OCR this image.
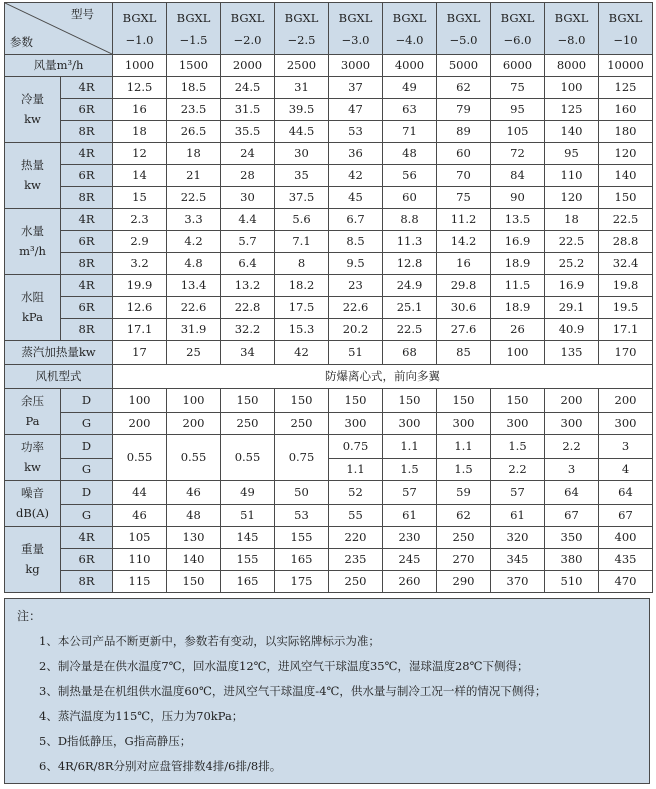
型号
参数		BGXL −1.0	BGXL −1.5	BGXL −2.0	BGXL −2.5	BGXL −3.0	BGXL −4.0	BGXL −5.0	BGXL −6.0	BGXL −8.0	BGXL −10

风量m³/h		1000	1500	2000	2500	3000	4000	5000	6000	8000	10000

冷量
kw	4R	12.5	18.5	24.5	31	37	49	62	75	100	125
	6R	16	23.5	31.5	39.5	47	63	79	95	125	160
	8R	18	26.5	35.5	44.5	53	71	89	105	140	180

热量
kw	4R	12	18	24	30	36	48	60	72	95	120
	6R	14	21	28	35	42	56	70	84	110	140
	8R	15	22.5	30	37.5	45	60	75	90	120	150

水量
m³/h	4R	2.3	3.3	4.4	5.6	6.7	8.8	11.2	13.5	18	22.5
	6R	2.9	4.2	5.7	7.1	8.5	11.3	14.2	16.9	22.5	28.8
	8R	3.2	4.8	6.4	8	9.5	12.8	16	18.9	25.2	32.4

水阻
kPa	4R	19.9	13.4	13.2	18.2	23	24.9	29.8	11.5	16.9	19.8
	6R	12.6	22.6	22.8	17.5	22.6	25.1	30.6	18.9	29.1	19.5
	8R	17.1	31.9	32.2	15.3	20.2	22.5	27.6	26	40.9	17.1
蒸汽加热量kw		17	25	34	42	51	68	85	100	135	170
风机型式		防爆离心式，前向多翼									

余压
Pa	D	100	100	150	150	150	150	150	150	200	200
	G	200	200	250	250	300	300	300	300	300	300

功率
kw	D	0.55	0.55	0.55	0.75	0.75	1.1	1.1	1.5	2.2	3
	G					1.1	1.5	1.5	2.2	3	4

噪音
dB(A)	D	44	46	49	50	52	57	59	57	64	64
	G	46	48	51	53	55	61	62	61	67	67

重量
kg	4R	105	130	145	155	220	230	250	320	350	400
	6R	110	140	155	165	235	245	270	345	380	435
	8R	115	150	165	175	250	260	290	370	510	470
注：
1、本公司产品不断更新中，参数若有变动，以实际铭牌标示为准；
2、制冷量是在供水温度7℃，回水温度12℃，进风空气干球温度35℃，湿球温度28℃下侧得；
3、制热量是在机组供水温度60℃，进风空气干球温度-4℃，供水量与制冷工况一样的情况下侧得；
4、蒸汽温度为115℃，压力为70kPa；
5、D指低静压，G指高静压；
6、4R/6R/8R分别对应盘管排数4排/6排/8排。
